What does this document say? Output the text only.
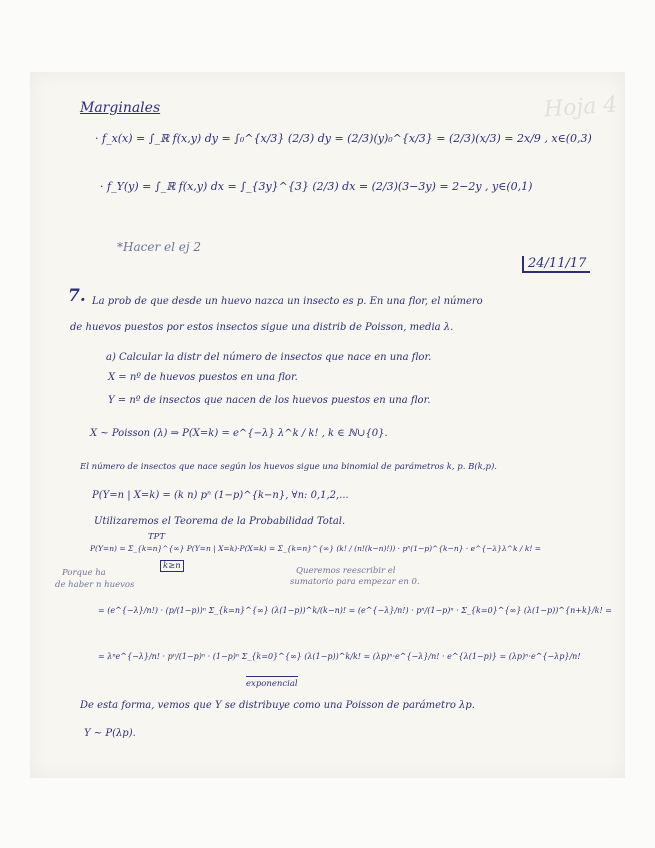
Hoja 4
Marginales
· f_x(x) = ∫_ℝ f(x,y) dy = ∫₀^{x/3} (2/3) dy = (2/3)(y)₀^{x/3} = (2/3)(x/3) = 2x/9 , x∈(0,3)
· f_Y(y) = ∫_ℝ f(x,y) dx = ∫_{3y}^{3} (2/3) dx = (2/3)(3−3y) = 2−2y , y∈(0,1)
*Hacer el ej 2
24/11/17
7. La prob de que desde un huevo nazca un insecto es p. En una flor, el número
de huevos puestos por estos insectos sigue una distrib de Poisson, media λ.
a) Calcular la distr del número de insectos que nace en una flor.
X = nº de huevos puestos en una flor.
Y = nº de insectos que nacen de los huevos puestos en una flor.
X ~ Poisson (λ) ⇒ P(X=k) = e^{−λ} λ^k / k! , k ∈ ℕ∪{0}.
El número de insectos que nace según los huevos sigue una binomial de parámetros k, p. B(k,p).
P(Y=n | X=k) = (k n) pⁿ (1−p)^{k−n}, ∀n: 0,1,2,...
Utilizaremos el Teorema de la Probabilidad Total.
TPT
P(Y=n) = Σ_{k=n}^{∞} P(Y=n | X=k)·P(X=k) = Σ_{k=n}^{∞} (k! / (n!(k−n)!)) · pⁿ(1−p)^{k−n} · e^{−λ}λ^k / k! =
k≥n
Porque ha
de haber n huevos
Queremos reescribir el
sumatorio para empezar en 0.
= (e^{−λ}/n!) · (p/(1−p))ⁿ Σ_{k=n}^{∞} (λ(1−p))^k/(k−n)! = (e^{−λ}/n!) · pⁿ/(1−p)ⁿ · Σ_{k=0}^{∞} (λ(1−p))^{n+k}/k! =
= λⁿe^{−λ}/n! · pⁿ/(1−p)ⁿ · (1−p)ⁿ Σ_{k=0}^{∞} (λ(1−p))^k/k! = (λp)ⁿ·e^{−λ}/n! · e^{λ(1−p)} = (λp)ⁿ·e^{−λp}/n!
exponencial
De esta forma, vemos que Y se distribuye como una Poisson de parámetro λp.
Y ~ P(λp).
